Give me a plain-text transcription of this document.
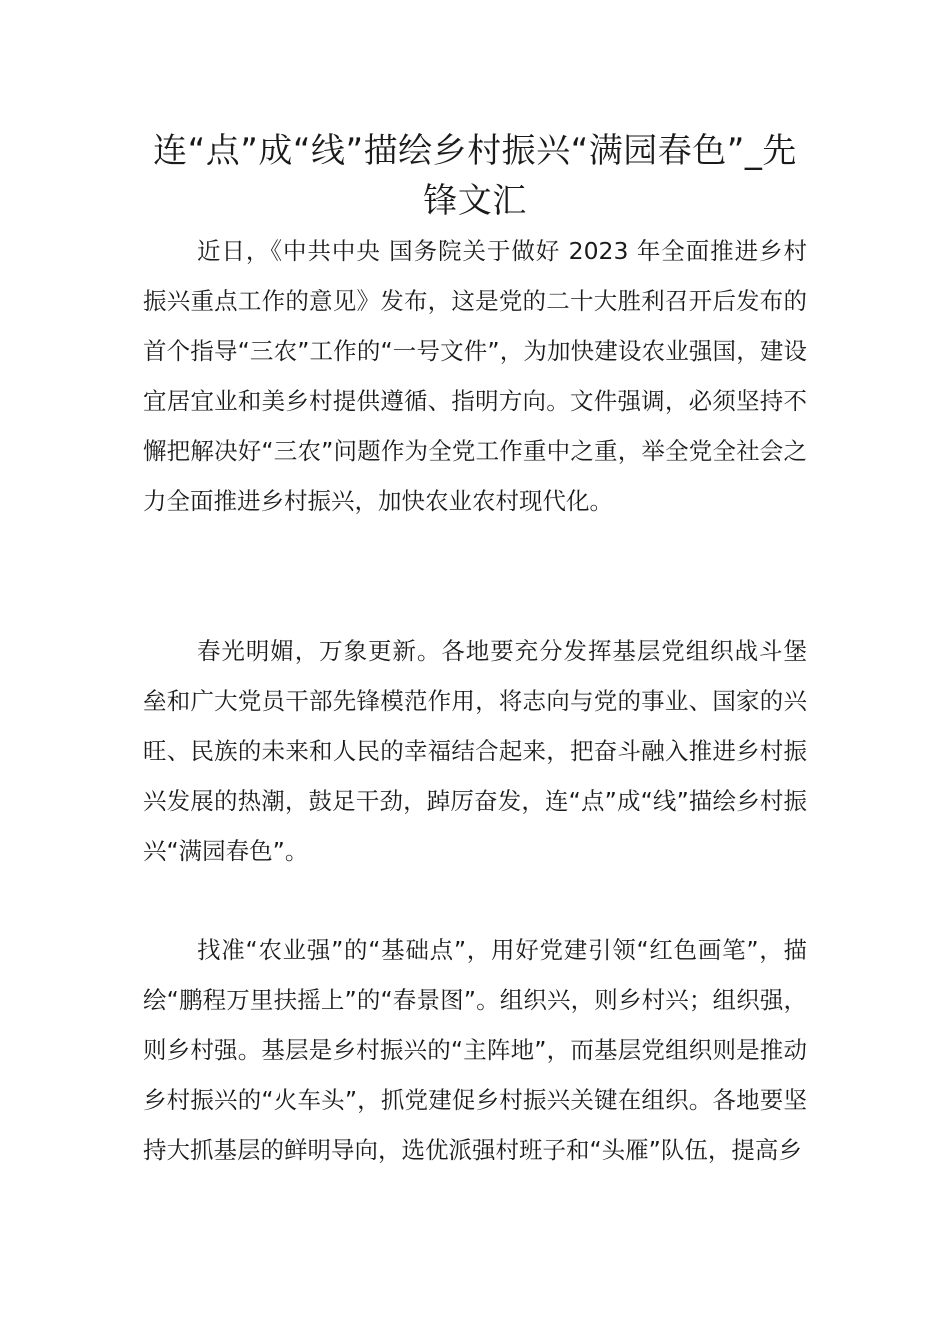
连“点”成“线”描绘乡村振兴“满园春色”_先锋文汇

近日，《中共中央 国务院关于做好 2023 年全面推进乡村振兴重点工作的意见》发布，这是党的二十大胜利召开后发布的首个指导“三农”工作的“一号文件”，为加快建设农业强国，建设宜居宜业和美乡村提供遵循、指明方向。文件强调，必须坚持不懈把解决好“三农”问题作为全党工作重中之重，举全党全社会之力全面推进乡村振兴，加快农业农村现代化。

春光明媚，万象更新。各地要充分发挥基层党组织战斗堡垒和广大党员干部先锋模范作用，将志向与党的事业、国家的兴旺、民族的未来和人民的幸福结合起来，把奋斗融入推进乡村振兴发展的热潮，鼓足干劲，踔厉奋发，连“点”成“线”描绘乡村振兴“满园春色”。

找准“农业强”的“基础点”，用好党建引领“红色画笔”，描绘“鹏程万里扶摇上”的“春景图”。组织兴，则乡村兴；组织强，则乡村强。基层是乡村振兴的“主阵地”，而基层党组织则是推动乡村振兴的“火车头”，抓党建促乡村振兴关键在组织。各地要坚持大抓基层的鲜明导向，选优派强村班子和“头雁”队伍，提高乡
